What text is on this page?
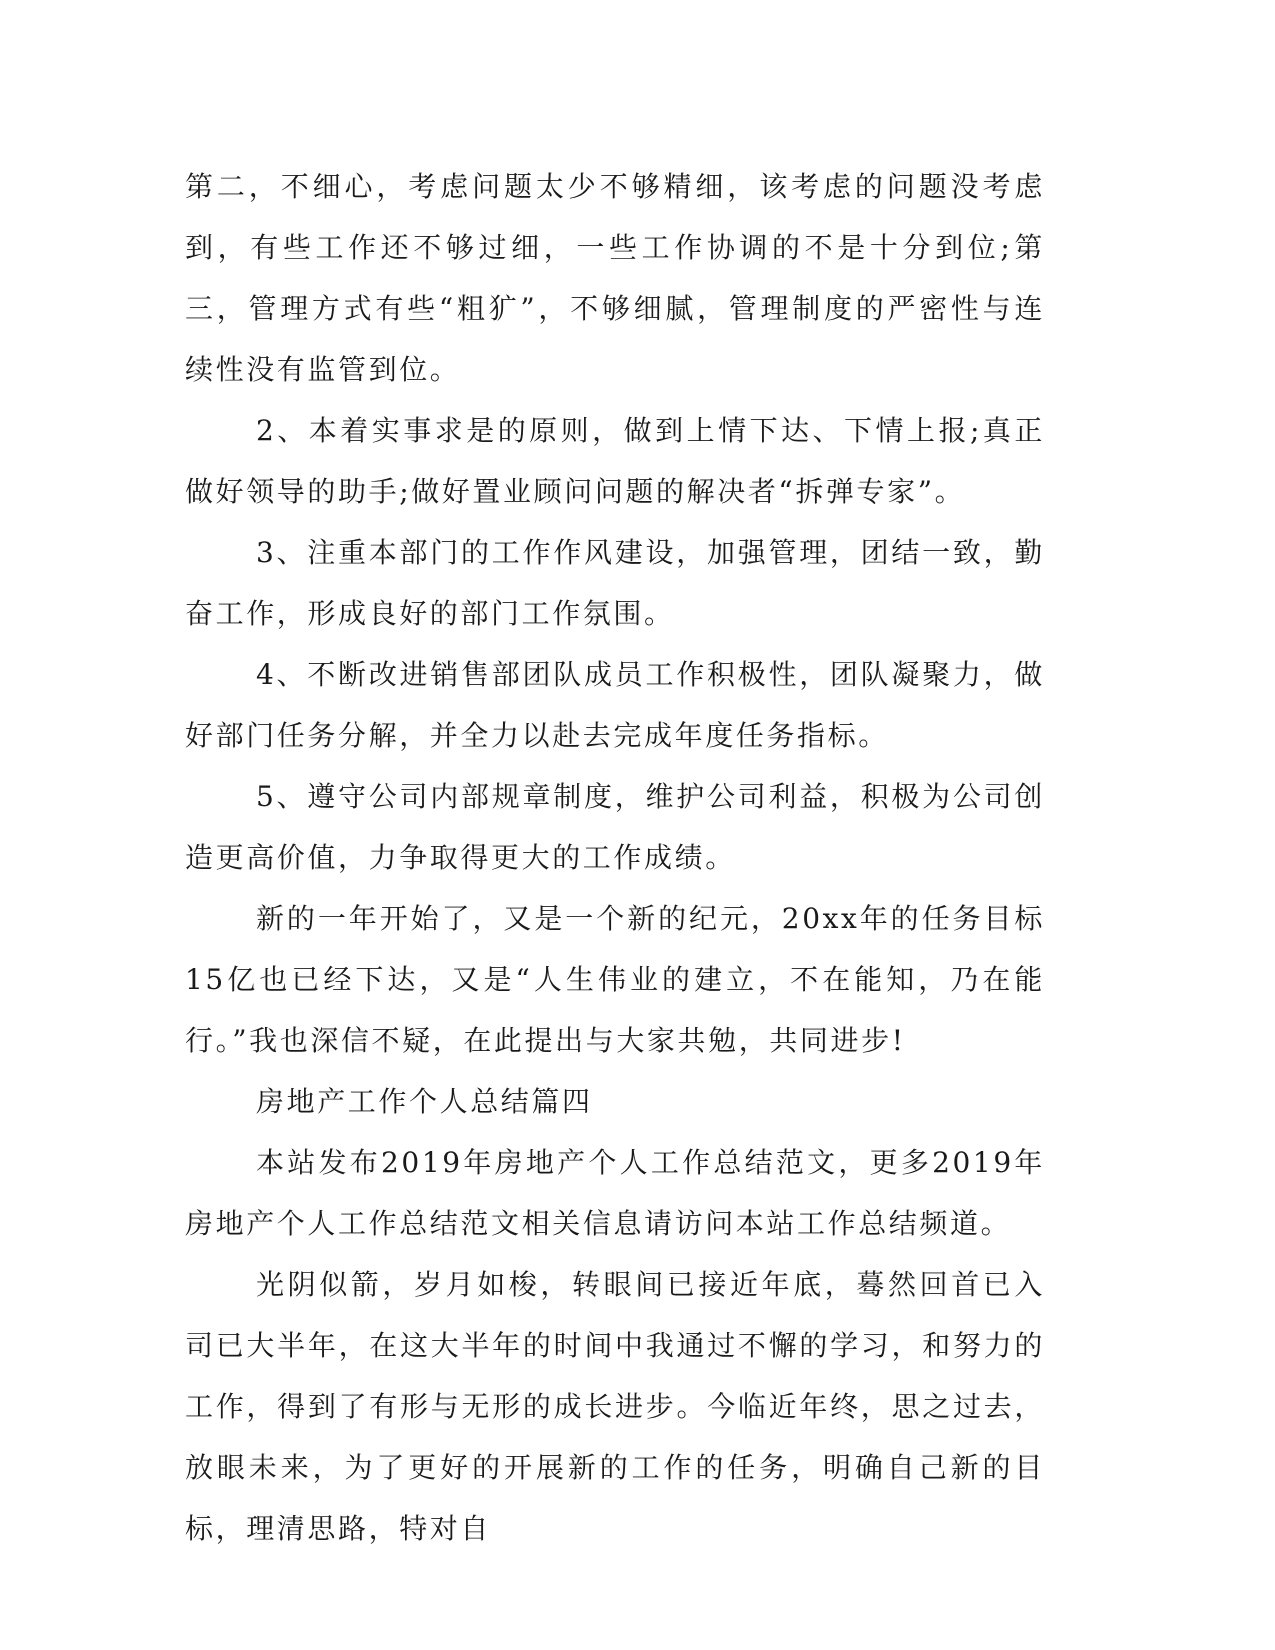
第二，不细心，考虑问题太少不够精细，该考虑的问题没考虑到，有些工作还不够过细，一些工作协调的不是十分到位;第三，管理方式有些“粗犷”，不够细腻，管理制度的严密性与连续性没有监管到位。

2、本着实事求是的原则，做到上情下达、下情上报;真正做好领导的助手;做好置业顾问问题的解决者“拆弹专家”。

3、注重本部门的工作作风建设，加强管理，团结一致，勤奋工作，形成良好的部门工作氛围。

4、不断改进销售部团队成员工作积极性，团队凝聚力，做好部门任务分解，并全力以赴去完成年度任务指标。

5、遵守公司内部规章制度，维护公司利益，积极为公司创造更高价值，力争取得更大的工作成绩。

新的一年开始了，又是一个新的纪元，20xx年的任务目标15亿也已经下达，又是“人生伟业的建立，不在能知，乃在能行。”我也深信不疑，在此提出与大家共勉，共同进步!

房地产工作个人总结篇四

本站发布2019年房地产个人工作总结范文，更多2019年房地产个人工作总结范文相关信息请访问本站工作总结频道。

光阴似箭，岁月如梭，转眼间已接近年底，蓦然回首已入司已大半年，在这大半年的时间中我通过不懈的学习，和努力的工作，得到了有形与无形的成长进步。今临近年终，思之过去，放眼未来，为了更好的开展新的工作的任务，明确自己新的目标，理清思路，特对自
